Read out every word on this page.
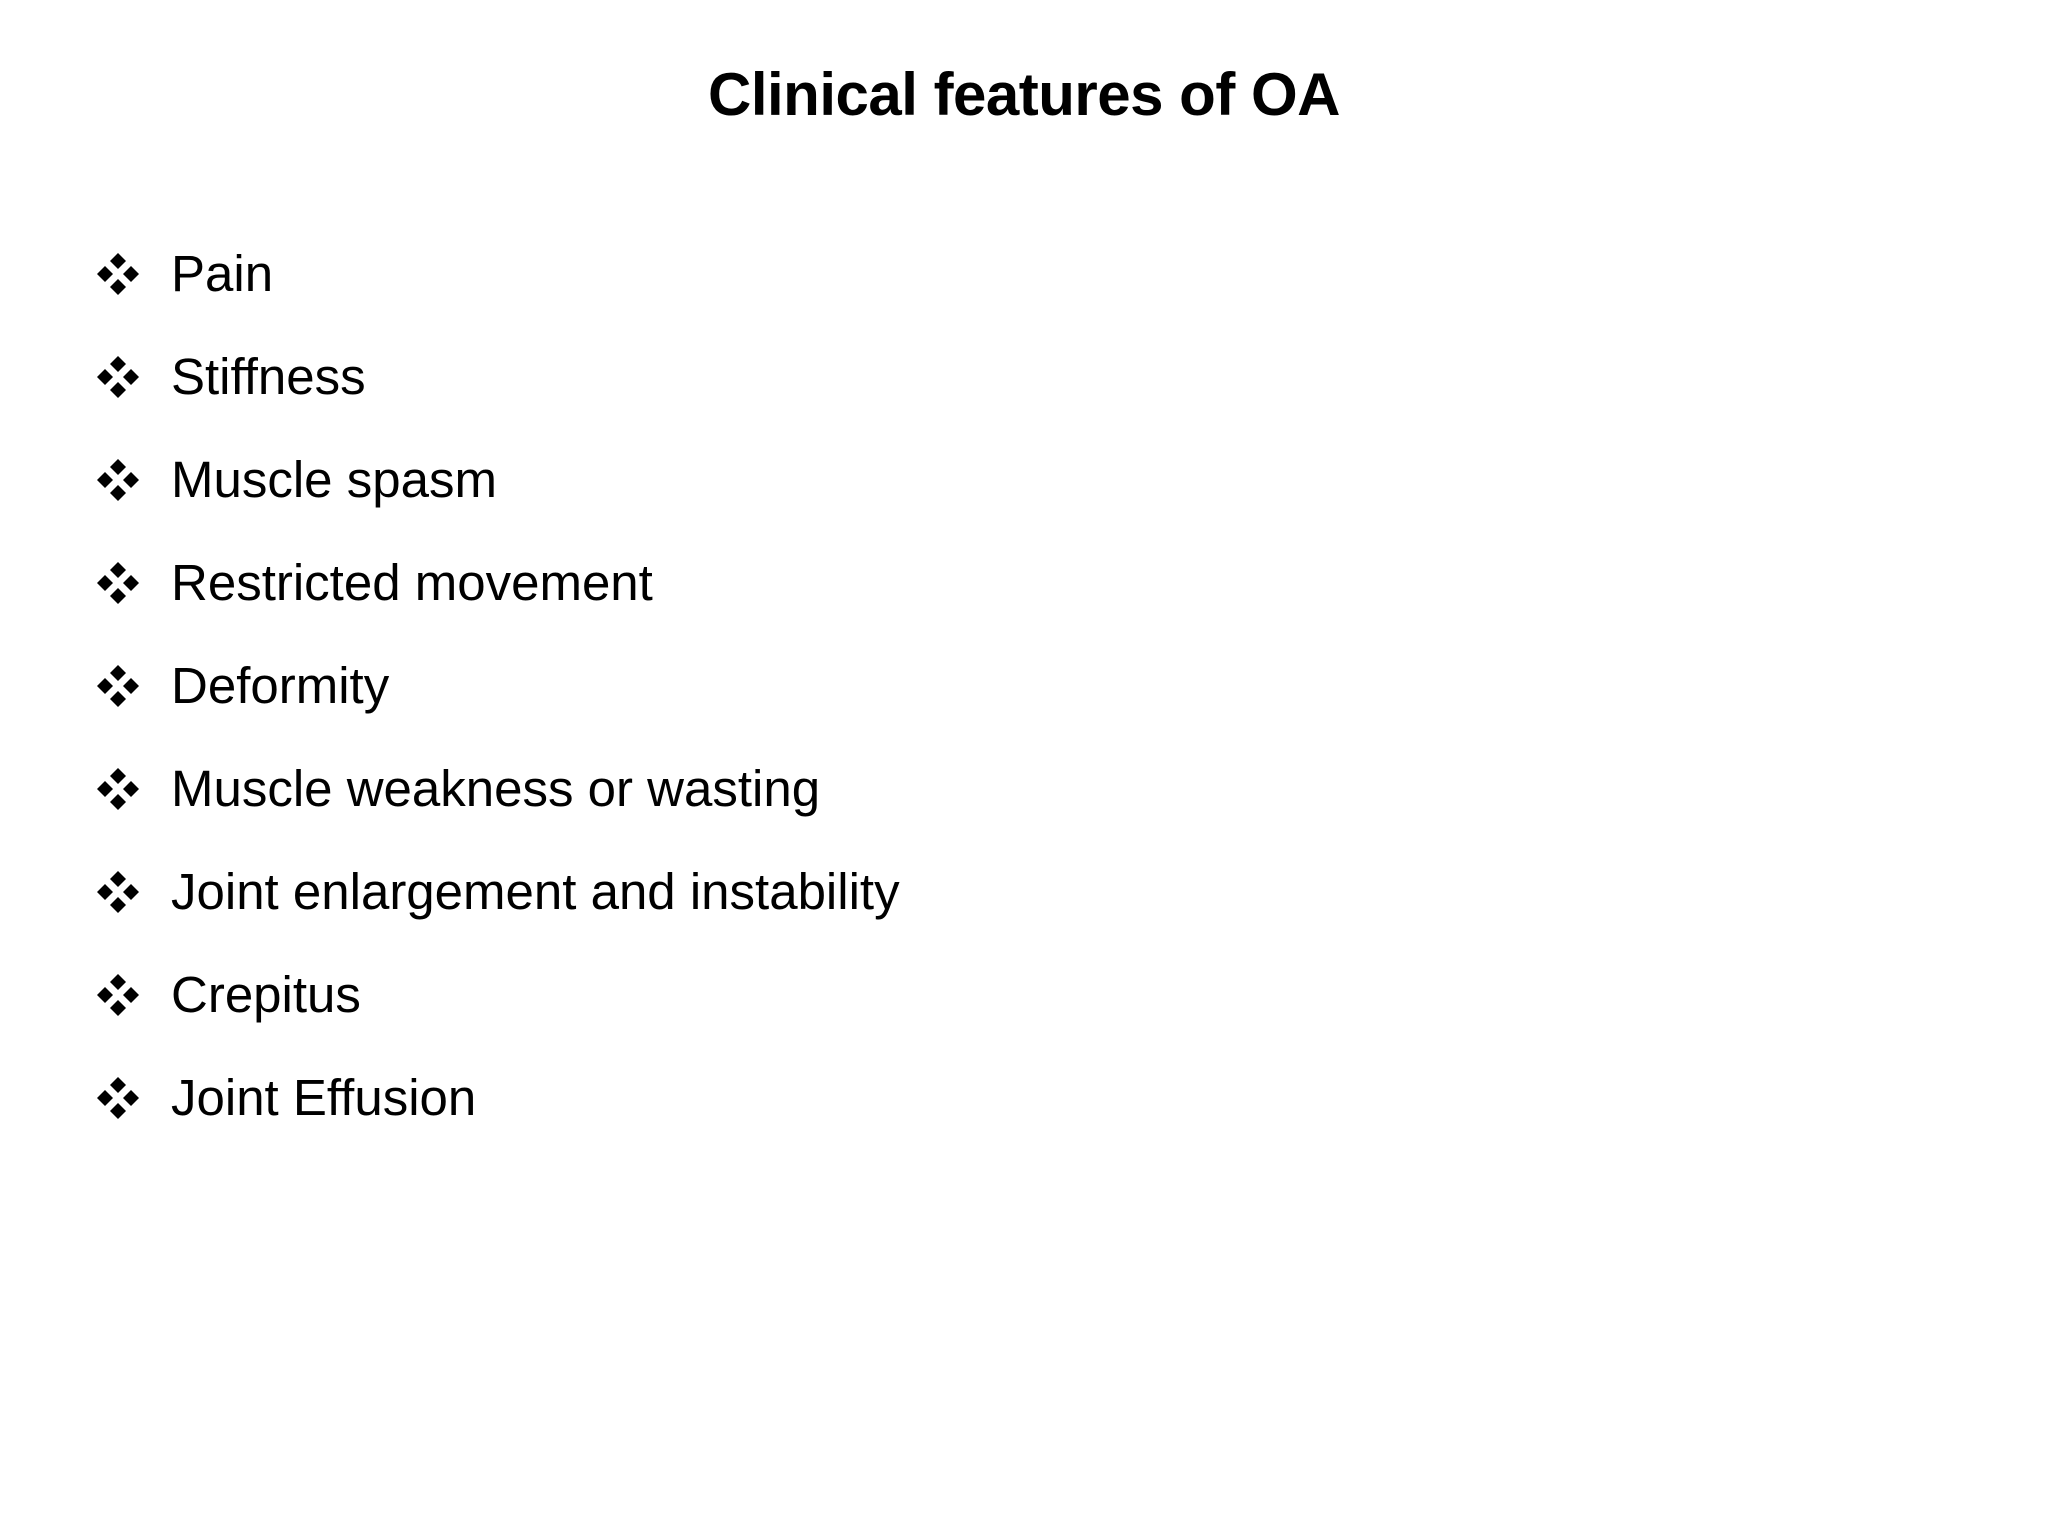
Clinical features of OA
Pain
Stiffness
Muscle spasm
Restricted movement
Deformity
Muscle weakness or wasting
Joint enlargement and instability
Crepitus
Joint Effusion
